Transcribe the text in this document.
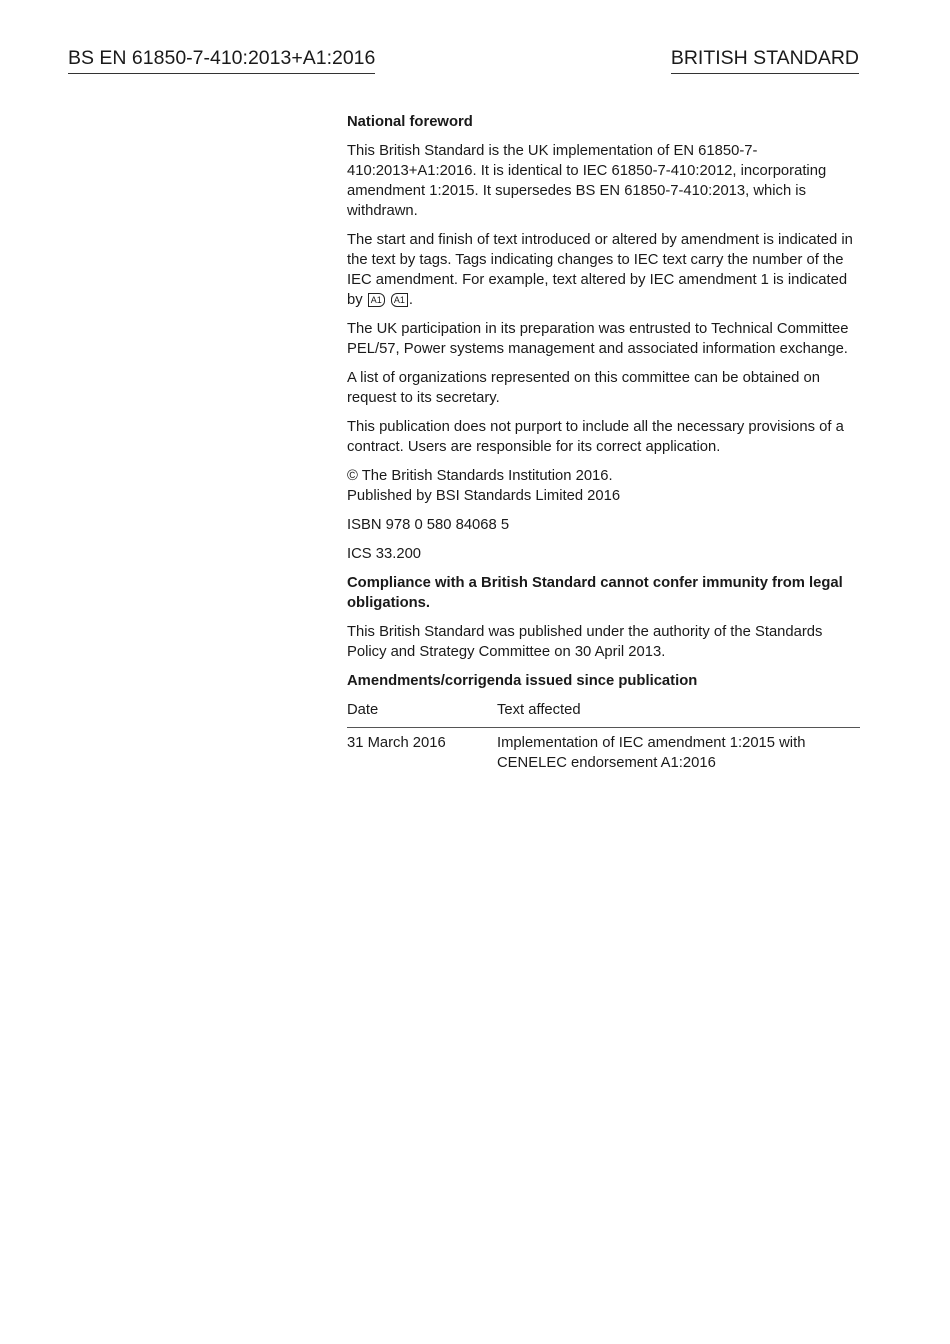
BS EN 61850-7-410:2013+A1:2016	BRITISH STANDARD

National foreword

This British Standard is the UK implementation of EN 61850-7-410:2013+A1:2016. It is identical to IEC 61850-7-410:2012, incorporating amendment 1:2015. It supersedes BS EN 61850-7-410:2013, which is withdrawn.

The start and finish of text introduced or altered by amendment is indicated in the text by tags. Tags indicating changes to IEC text carry the number of the IEC amendment. For example, text altered by IEC amendment 1 is indicated by A1 A1 .

The UK participation in its preparation was entrusted to Technical Committee PEL/57, Power systems management and associated information exchange.

A list of organizations represented on this committee can be obtained on request to its secretary.

This publication does not purport to include all the necessary provisions of a contract. Users are responsible for its correct application.

© The British Standards Institution 2016.
Published by BSI Standards Limited 2016

ISBN 978 0 580 84068 5

ICS 33.200

Compliance with a British Standard cannot confer immunity from legal obligations.

This British Standard was published under the authority of the Standards Policy and Strategy Committee on 30 April 2013.

Amendments/corrigenda issued since publication

Date	Text affected
31 March 2016	Implementation of IEC amendment 1:2015 with CENELEC endorsement A1:2016
